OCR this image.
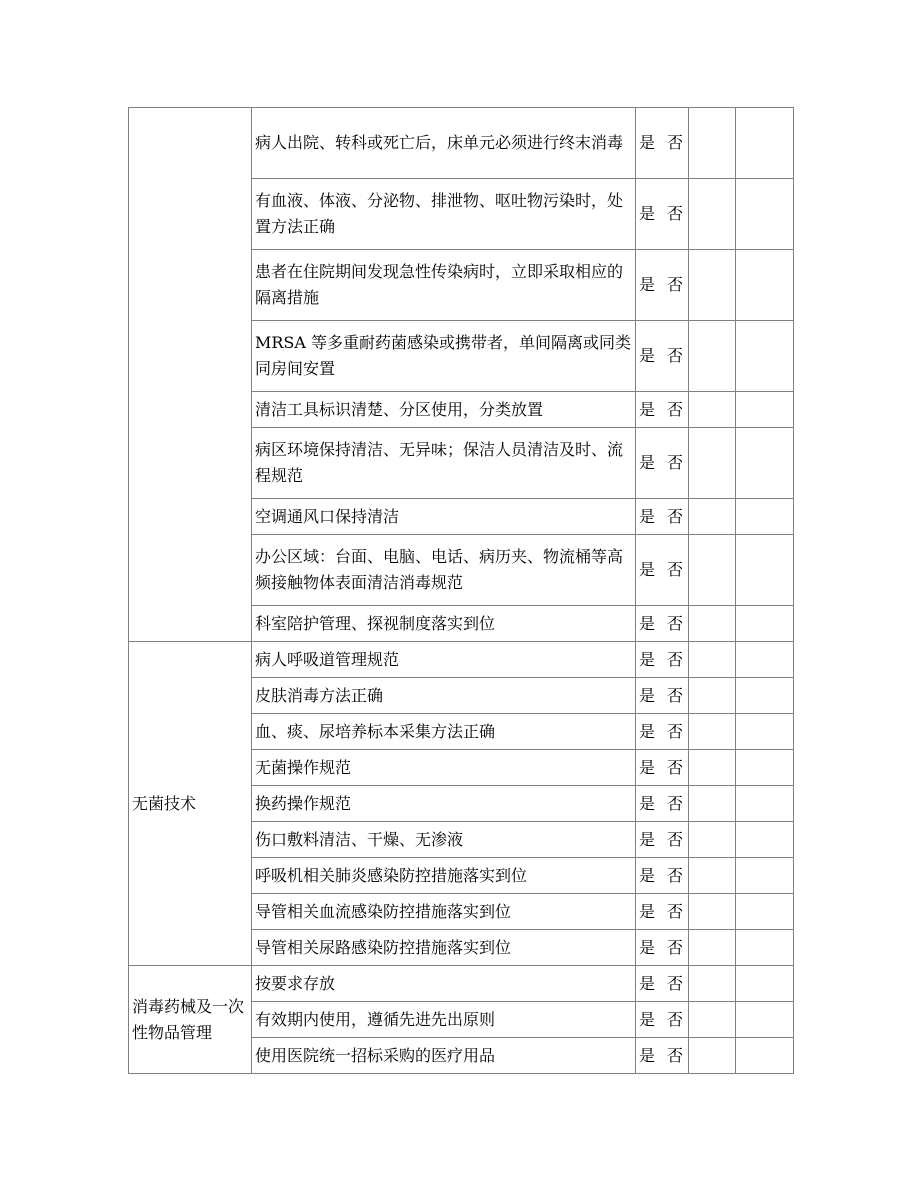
	病人出院、转科或死亡后，床单元必须进行终末消毒	是 否		
	有血液、体液、分泌物、排泄物、呕吐物污染时，处置方法正确	是 否		
	患者在住院期间发现急性传染病时，立即采取相应的隔离措施	是 否		
	MRSA 等多重耐药菌感染或携带者，单间隔离或同类同房间安置	是 否		
	清洁工具标识清楚、分区使用，分类放置	是 否		
	病区环境保持清洁、无异味；保洁人员清洁及时、流程规范	是 否		
	空调通风口保持清洁	是 否		
	办公区域：台面、电脑、电话、病历夹、物流桶等高频接触物体表面清洁消毒规范	是 否		
	科室陪护管理、探视制度落实到位	是 否		
无菌技术	病人呼吸道管理规范	是 否		
	皮肤消毒方法正确	是 否		
	血、痰、尿培养标本采集方法正确	是 否		
	无菌操作规范	是 否		
	换药操作规范	是 否		
	伤口敷料清洁、干燥、无渗液	是 否		
	呼吸机相关肺炎感染防控措施落实到位	是 否		
	导管相关血流感染防控措施落实到位	是 否		
	导管相关尿路感染防控措施落实到位	是 否		
消毒药械及一次性物品管理	按要求存放	是 否		
	有效期内使用，遵循先进先出原则	是 否		
	使用医院统一招标采购的医疗用品	是 否		
